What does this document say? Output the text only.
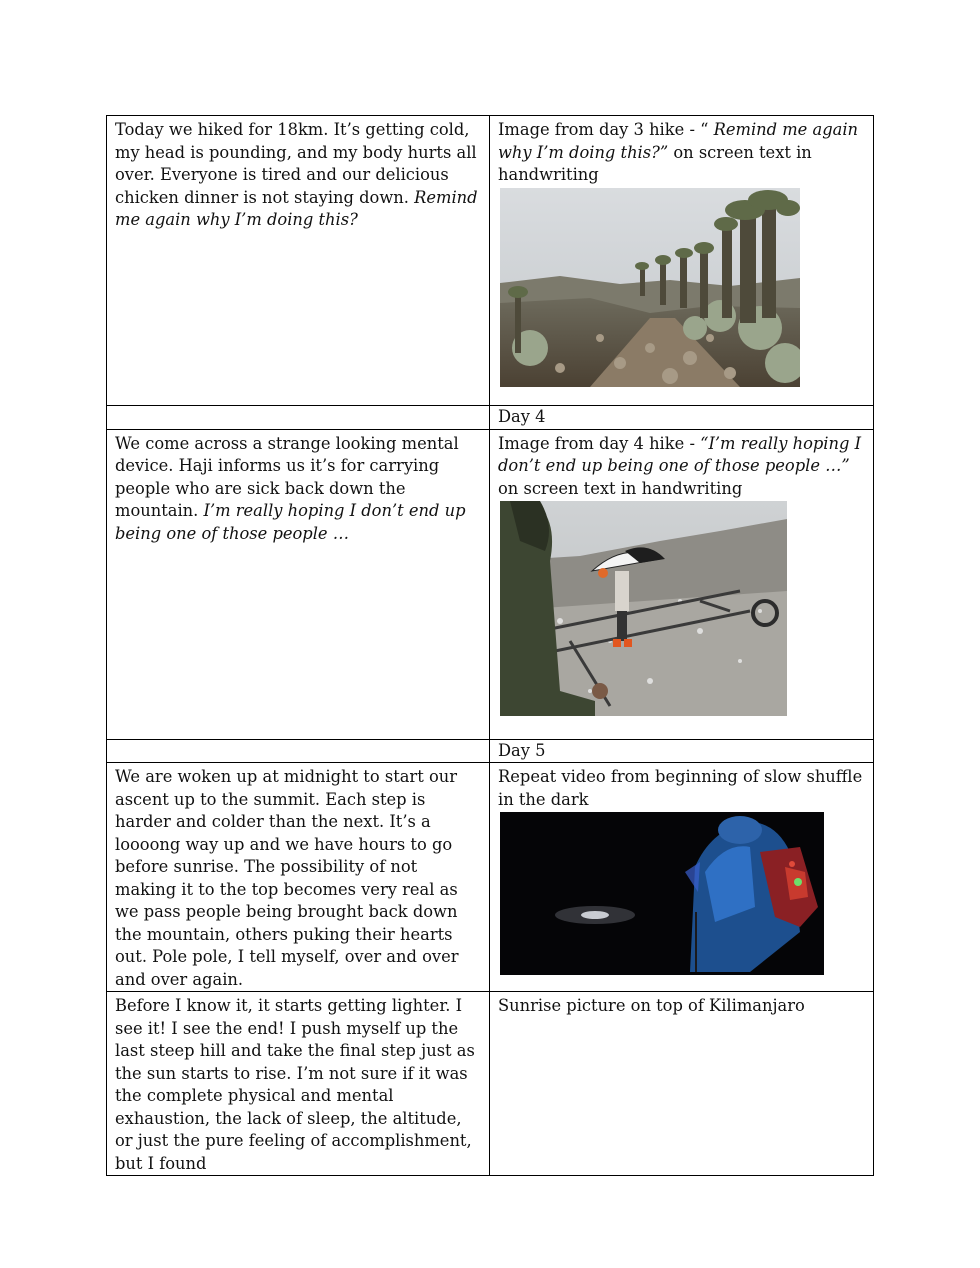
Today we hiked for 18km. It’s getting cold, my head is pounding, and my body hurts all over. Everyone is tired and our delicious chicken dinner is not staying down. Remind me again why I’m doing this?	Image from day 3 hike - “ Remind me again why I’m doing this?” on screen text in handwriting

	Day 4
We come across a strange looking mental device. Haji informs us it’s for carrying people who are sick back down the mountain. I’m really hoping I don’t end up being one of those people …	Image from day 4 hike - “I’m really hoping I don’t end up being one of those people …” on screen text in handwriting

	Day 5
We are woken up at midnight to start our ascent up to the summit. Each step is harder and colder than the next. It’s a loooong way up and we have hours to go before sunrise. The possibility of not making it to the top becomes very real as we pass people being brought back down the mountain, others puking their hearts out. Pole pole, I tell myself, over and over and over again.	Repeat video from beginning of slow shuffle in the dark

Before I know it, it starts getting lighter. I see it! I see the end! I push myself up the last steep hill and take the final step just as the sun starts to rise. I’m not sure if it was the complete physical and mental exhaustion, the lack of sleep, the altitude, or just the pure feeling of accomplishment, but I found	Sunrise picture on top of Kilimanjaro
